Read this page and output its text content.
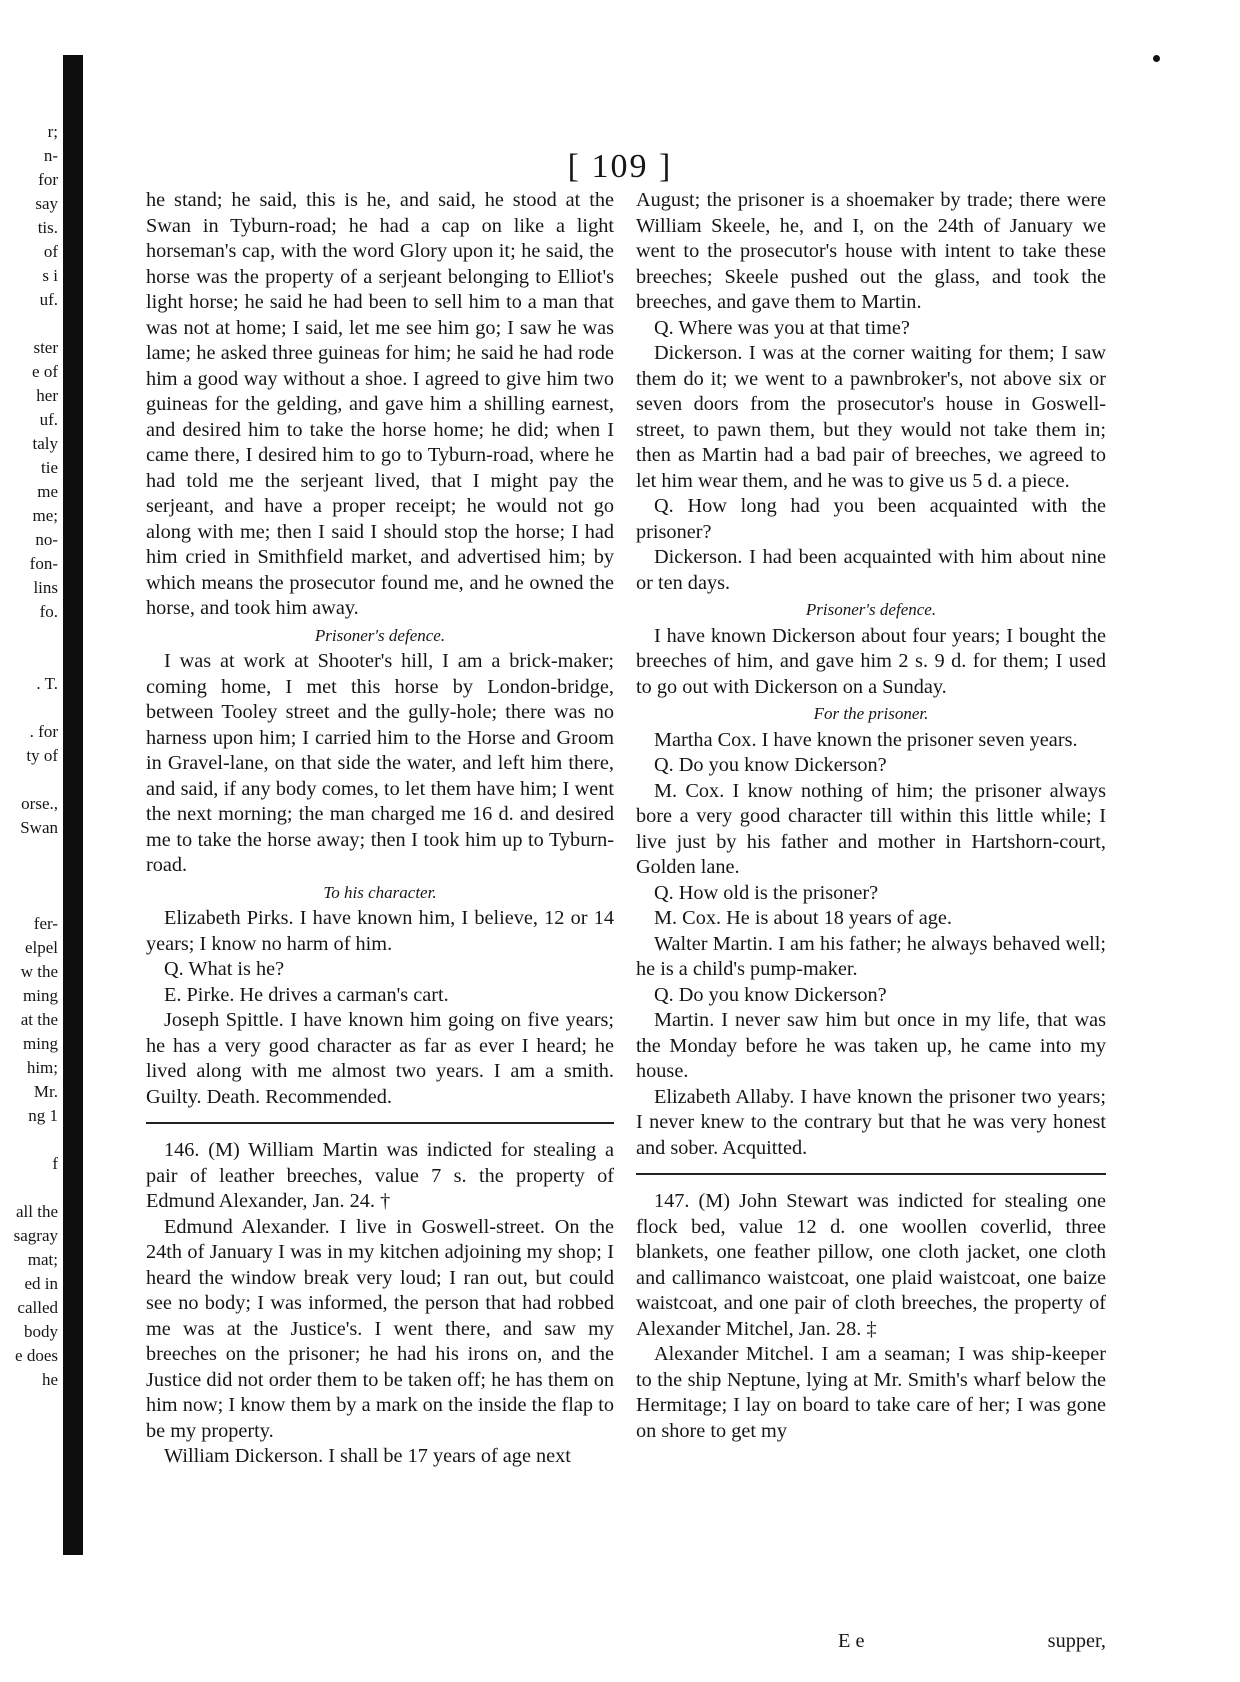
r;
n-
for
say
tis.
of
s i
uf.
ster
e of
her
uf.
taly
tie
me
me;
no-
fon-
lins
fo.
. T.
. for
ty of
orse.,
Swan
fer-
elpel
w the
ming
at the
ming
him;
Mr.
ng 1
f
all the
sagray
mat;
ed in
called
body
e does
he
[ 109 ]

he stand; he said, this is he, and said, he stood at the Swan in Tyburn-road; he had a cap on like a light horseman's cap, with the word Glory upon it; he said, the horse was the property of a serjeant belonging to Elliot's light horse; he said he had been to sell him to a man that was not at home; I said, let me see him go; I saw he was lame; he asked three guineas for him; he said he had rode him a good way without a shoe. I agreed to give him two guineas for the gelding, and gave him a shilling earnest, and desired him to take the horse home; he did; when I came there, I desired him to go to Tyburn-road, where he had told me the serjeant lived, that I might pay the serjeant, and have a proper receipt; he would not go along with me; then I said I should stop the horse; I had him cried in Smithfield market, and advertised him; by which means the prosecutor found me, and he owned the horse, and took him away.

Prisoner's defence.

I was at work at Shooter's hill, I am a brick-maker; coming home, I met this horse by London-bridge, between Tooley street and the gully-hole; there was no harness upon him; I carried him to the Horse and Groom in Gravel-lane, on that side the water, and left him there, and said, if any body comes, to let them have him; I went the next morning; the man charged me 16 d. and desired me to take the horse away; then I took him up to Tyburn-road.

To his character.

Elizabeth Pirks. I have known him, I believe, 12 or 14 years; I know no harm of him.

Q. What is he?

E. Pirke. He drives a carman's cart.

Joseph Spittle. I have known him going on five years; he has a very good character as far as ever I heard; he lived along with me almost two years. I am a smith. Guilty. Death. Recommended.

146. (M) William Martin was indicted for stealing a pair of leather breeches, value 7 s. the property of Edmund Alexander, Jan. 24. †

Edmund Alexander. I live in Goswell-street. On the 24th of January I was in my kitchen adjoining my shop; I heard the window break very loud; I ran out, but could see no body; I was informed, the person that had robbed me was at the Justice's. I went there, and saw my breeches on the prisoner; he had his irons on, and the Justice did not order them to be taken off; he has them on him now; I know them by a mark on the inside the flap to be my property.

William Dickerson. I shall be 17 years of age next

August; the prisoner is a shoemaker by trade; there were William Skeele, he, and I, on the 24th of January we went to the prosecutor's house with intent to take these breeches; Skeele pushed out the glass, and took the breeches, and gave them to Martin.

Q. Where was you at that time?

Dickerson. I was at the corner waiting for them; I saw them do it; we went to a pawnbroker's, not above six or seven doors from the prosecutor's house in Goswell-street, to pawn them, but they would not take them in; then as Martin had a bad pair of breeches, we agreed to let him wear them, and he was to give us 5 d. a piece.

Q. How long had you been acquainted with the prisoner?

Dickerson. I had been acquainted with him about nine or ten days.

Prisoner's defence.

I have known Dickerson about four years; I bought the breeches of him, and gave him 2 s. 9 d. for them; I used to go out with Dickerson on a Sunday.

For the prisoner.

Martha Cox. I have known the prisoner seven years.

Q. Do you know Dickerson?

M. Cox. I know nothing of him; the prisoner always bore a very good character till within this little while; I live just by his father and mother in Hartshorn-court, Golden lane.

Q. How old is the prisoner?

M. Cox. He is about 18 years of age.

Walter Martin. I am his father; he always behaved well; he is a child's pump-maker.

Q. Do you know Dickerson?

Martin. I never saw him but once in my life, that was the Monday before he was taken up, he came into my house.

Elizabeth Allaby. I have known the prisoner two years; I never knew to the contrary but that he was very honest and sober. Acquitted.

147. (M) John Stewart was indicted for stealing one flock bed, value 12 d. one woollen coverlid, three blankets, one feather pillow, one cloth jacket, one cloth and callimanco waistcoat, one plaid waistcoat, one baize waistcoat, and one pair of cloth breeches, the property of Alexander Mitchel, Jan. 28. ‡

Alexander Mitchel. I am a seaman; I was ship-keeper to the ship Neptune, lying at Mr. Smith's wharf below the Hermitage; I lay on board to take care of her; I was gone on shore to get my

E e	supper,
